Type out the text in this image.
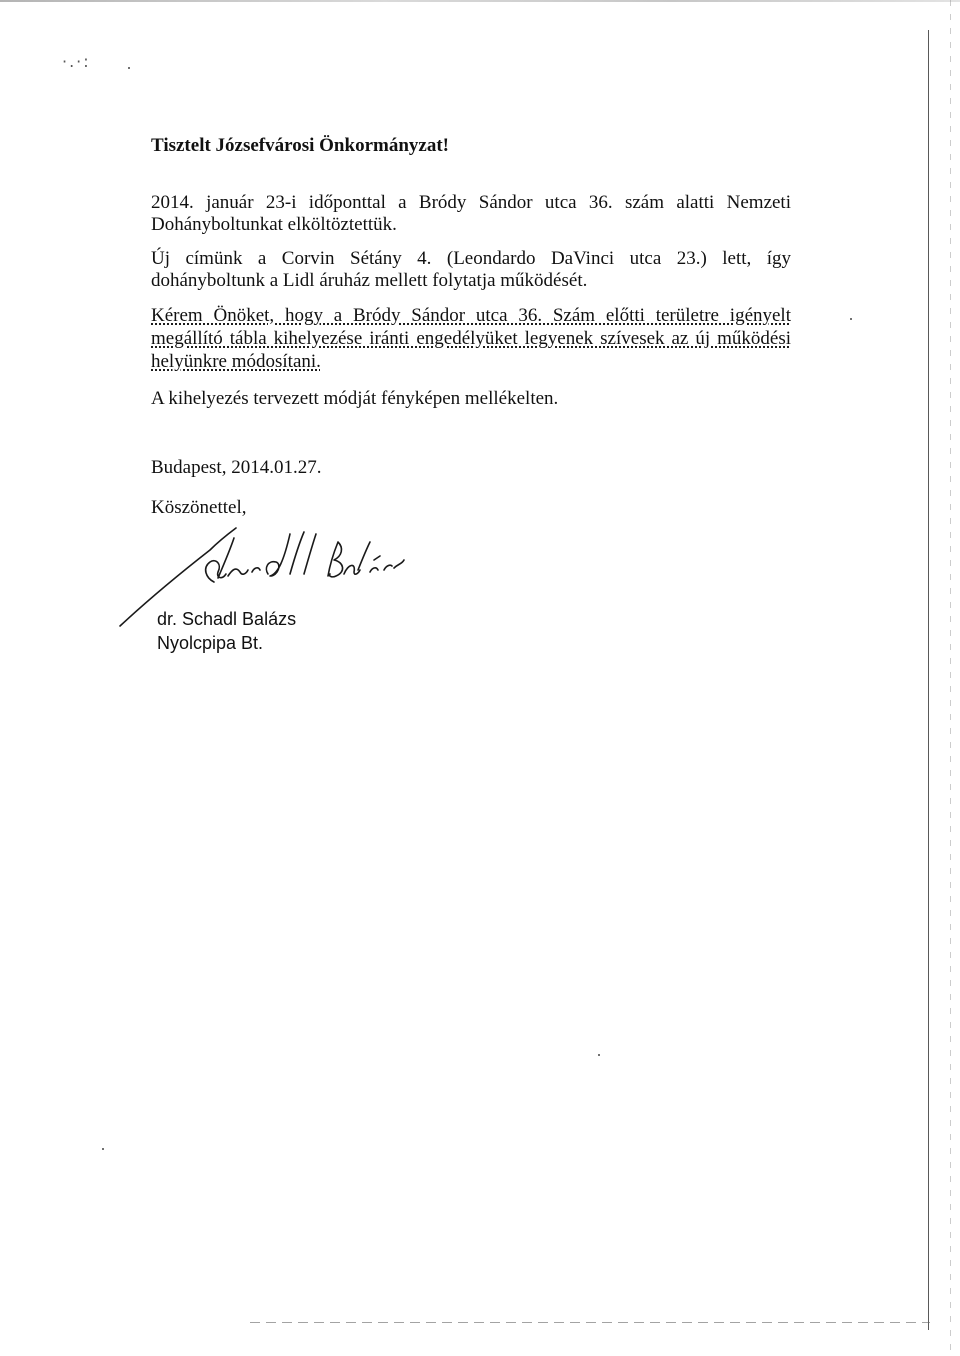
·.·:

Tisztelt Józsefvárosi Önkormányzat!

2014. január 23-i időponttal a Bródy Sándor utca 36. szám alatti Nemzeti Dohányboltunkat elköltöztettük.

Új címünk a Corvin Sétány 4. (Leondardo DaVinci utca 23.) lett, így dohányboltunk a Lidl áruház mellett folytatja működését.

Kérem Önöket, hogy a Bródy Sándor utca 36. Szám előtti területre igényelt megállító tábla kihelyezése iránti engedélyüket legyenek szívesek az új működési helyünkre módosítani.

A kihelyezés tervezett módját fényképen mellékelten.

Budapest, 2014.01.27.

Köszönettel,

dr. Schadl Balázs
Nyolcpipa Bt.
